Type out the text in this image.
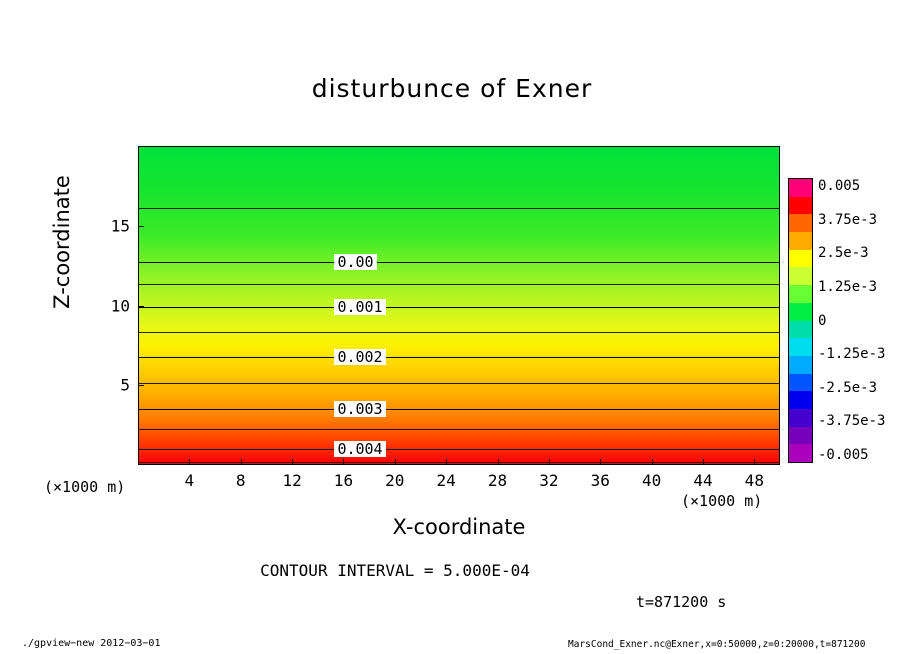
disturbunce of Exner
0.00
0.001
0.002
0.003
0.004
Z-coordinate
X-coordinate
(×1000 m)
(×1000 m)
CONTOUR INTERVAL = 5.000E-04
t=871200 s
./gpview−new 2012−03−01	MarsCond_Exner.nc@Exner,x=0:50000,z=0:20000,t=871200
4	8 12 16 20 24 28 32 36 40 44 48
5
10
15
0.005
3.75e-3
2.5e-3
1.25e-3
0
-1.25e-3
-2.5e-3
-3.75e-3
-0.005
